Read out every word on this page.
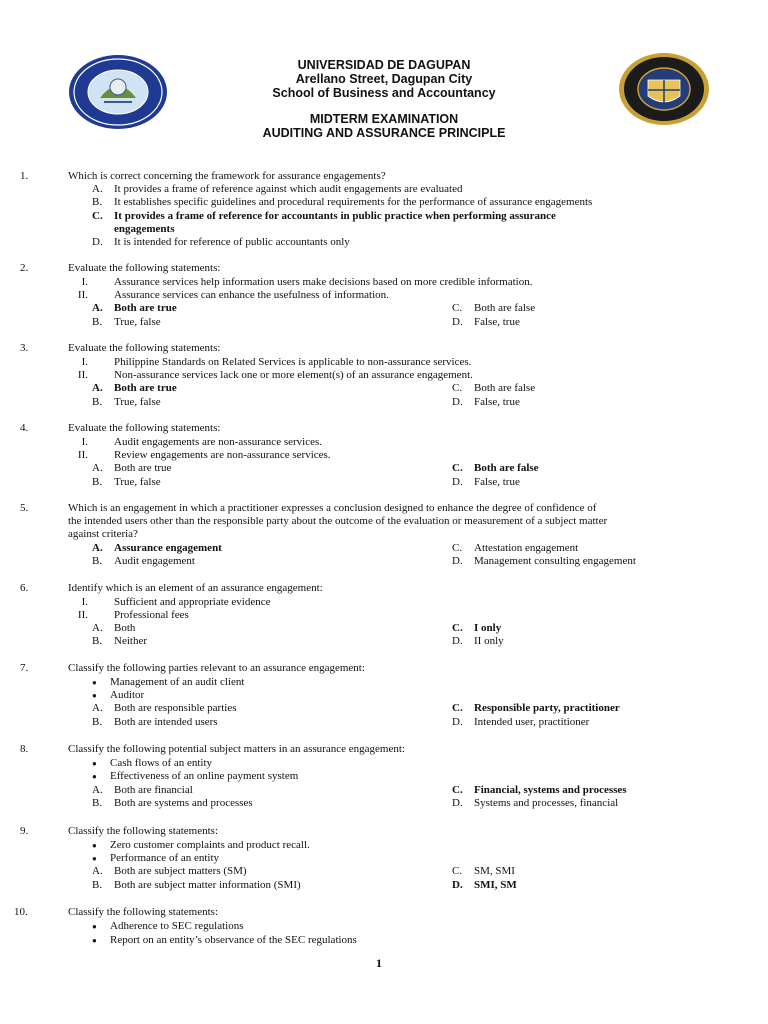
UNIVERSIDAD DE DAGUPAN
Arellano Street, Dagupan City
School of Business and Accountancy
MIDTERM EXAMINATION
AUDITING AND ASSURANCE PRINCIPLE
1.	Which is correct concerning the framework for assurance engagements?
A. It provides a frame of reference against which audit engagements are evaluated
B. It establishes specific guidelines and procedural requirements for the performance of assurance engagements
C. It provides a frame of reference for accountants in public practice when performing assurance
engagements
D. It is intended for reference of public accountants only
2.	Evaluate the following statements:
I. Assurance services help information users make decisions based on more credible information.
II. Assurance services can enhance the usefulness of information.
A. Both are true
B. True, false
C. Both are false
D. False, true
3.	Evaluate the following statements:
I. Philippine Standards on Related Services is applicable to non-assurance services.
II. Non-assurance services lack one or more element(s) of an assurance engagement.
A. Both are true
B. True, false
C. Both are false
D. False, true
4.	Evaluate the following statements:
I. Audit engagements are non-assurance services.
II. Review engagements are non-assurance services.
A. Both are true
B. True, false
C. Both are false
D. False, true
5.	Which is an engagement in which a practitioner expresses a conclusion designed to enhance the degree of confidence of
the intended users other than the responsible party about the outcome of the evaluation or measurement of a subject matter
against criteria?
A. Assurance engagement
B. Audit engagement
C. Attestation engagement
D. Management consulting engagement
6.	Identify which is an element of an assurance engagement:
I. Sufficient and appropriate evidence
II. Professional fees
A. Both
B. Neither
C. I only
D. II only
7.	Classify the following parties relevant to an assurance engagement:
● Management of an audit client
● Auditor
A. Both are responsible parties
B. Both are intended users
C. Responsible party, practitioner
D. Intended user, practitioner
8.	Classify the following potential subject matters in an assurance engagement:
● Cash flows of an entity
● Effectiveness of an online payment system
A. Both are financial
B. Both are systems and processes
C. Financial, systems and processes
D. Systems and processes, financial
9.	Classify the following statements:
● Zero customer complaints and product recall.
● Performance of an entity
A. Both are subject matters (SM)
B. Both are subject matter information (SMI)
C. SM, SMI
D. SMI, SM
10.	Classify the following statements:
● Adherence to SEC regulations
● Report on an entity’s observance of the SEC regulations
1
